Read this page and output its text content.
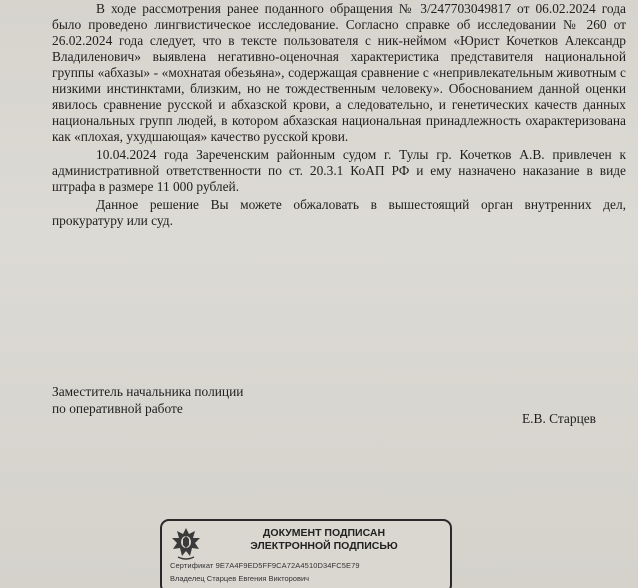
В ходе рассмотрения ранее поданного обращения № 3/247703049817 от 06.02.2024 года было проведено лингвистическое исследование. Согласно справке об исследовании № 260 от 26.02.2024 года следует, что в тексте пользователя с ник-неймом «Юрист Кочетков Александр Владиленович» выявлена негативно-оценочная характеристика представителя национальной группы «абхазы» - «мохнатая обезьяна», содержащая сравнение с «непривлекательным животным с низкими инстинктами, близким, но не тождественным человеку». Обоснованием данной оценки явилось сравнение русской и абхазской крови, а следовательно, и генетических качеств данных национальных групп людей, в котором абхазская национальная принадлежность охарактеризована как «плохая, ухудшающая» качество русской крови.

10.04.2024 года Зареченским районным судом г. Тулы гр. Кочетков А.В. привлечен к административной ответственности по ст. 20.3.1 КоАП РФ и ему назначено наказание в виде штрафа в размере 11 000 рублей.

Данное решение Вы можете обжаловать в вышестоящий орган внутренних дел, прокуратуру или суд.

Заместитель начальника полиции
по оперативной работе
Е.В. Старцев
ДОКУМЕНТ ПОДПИСАН
ЭЛЕКТРОННОЙ ПОДПИСЬЮ
Сертификат 9E7A4F9ED5FF9CA72A4510D34FC5E79
Владелец Старцев Евгения Викторович
